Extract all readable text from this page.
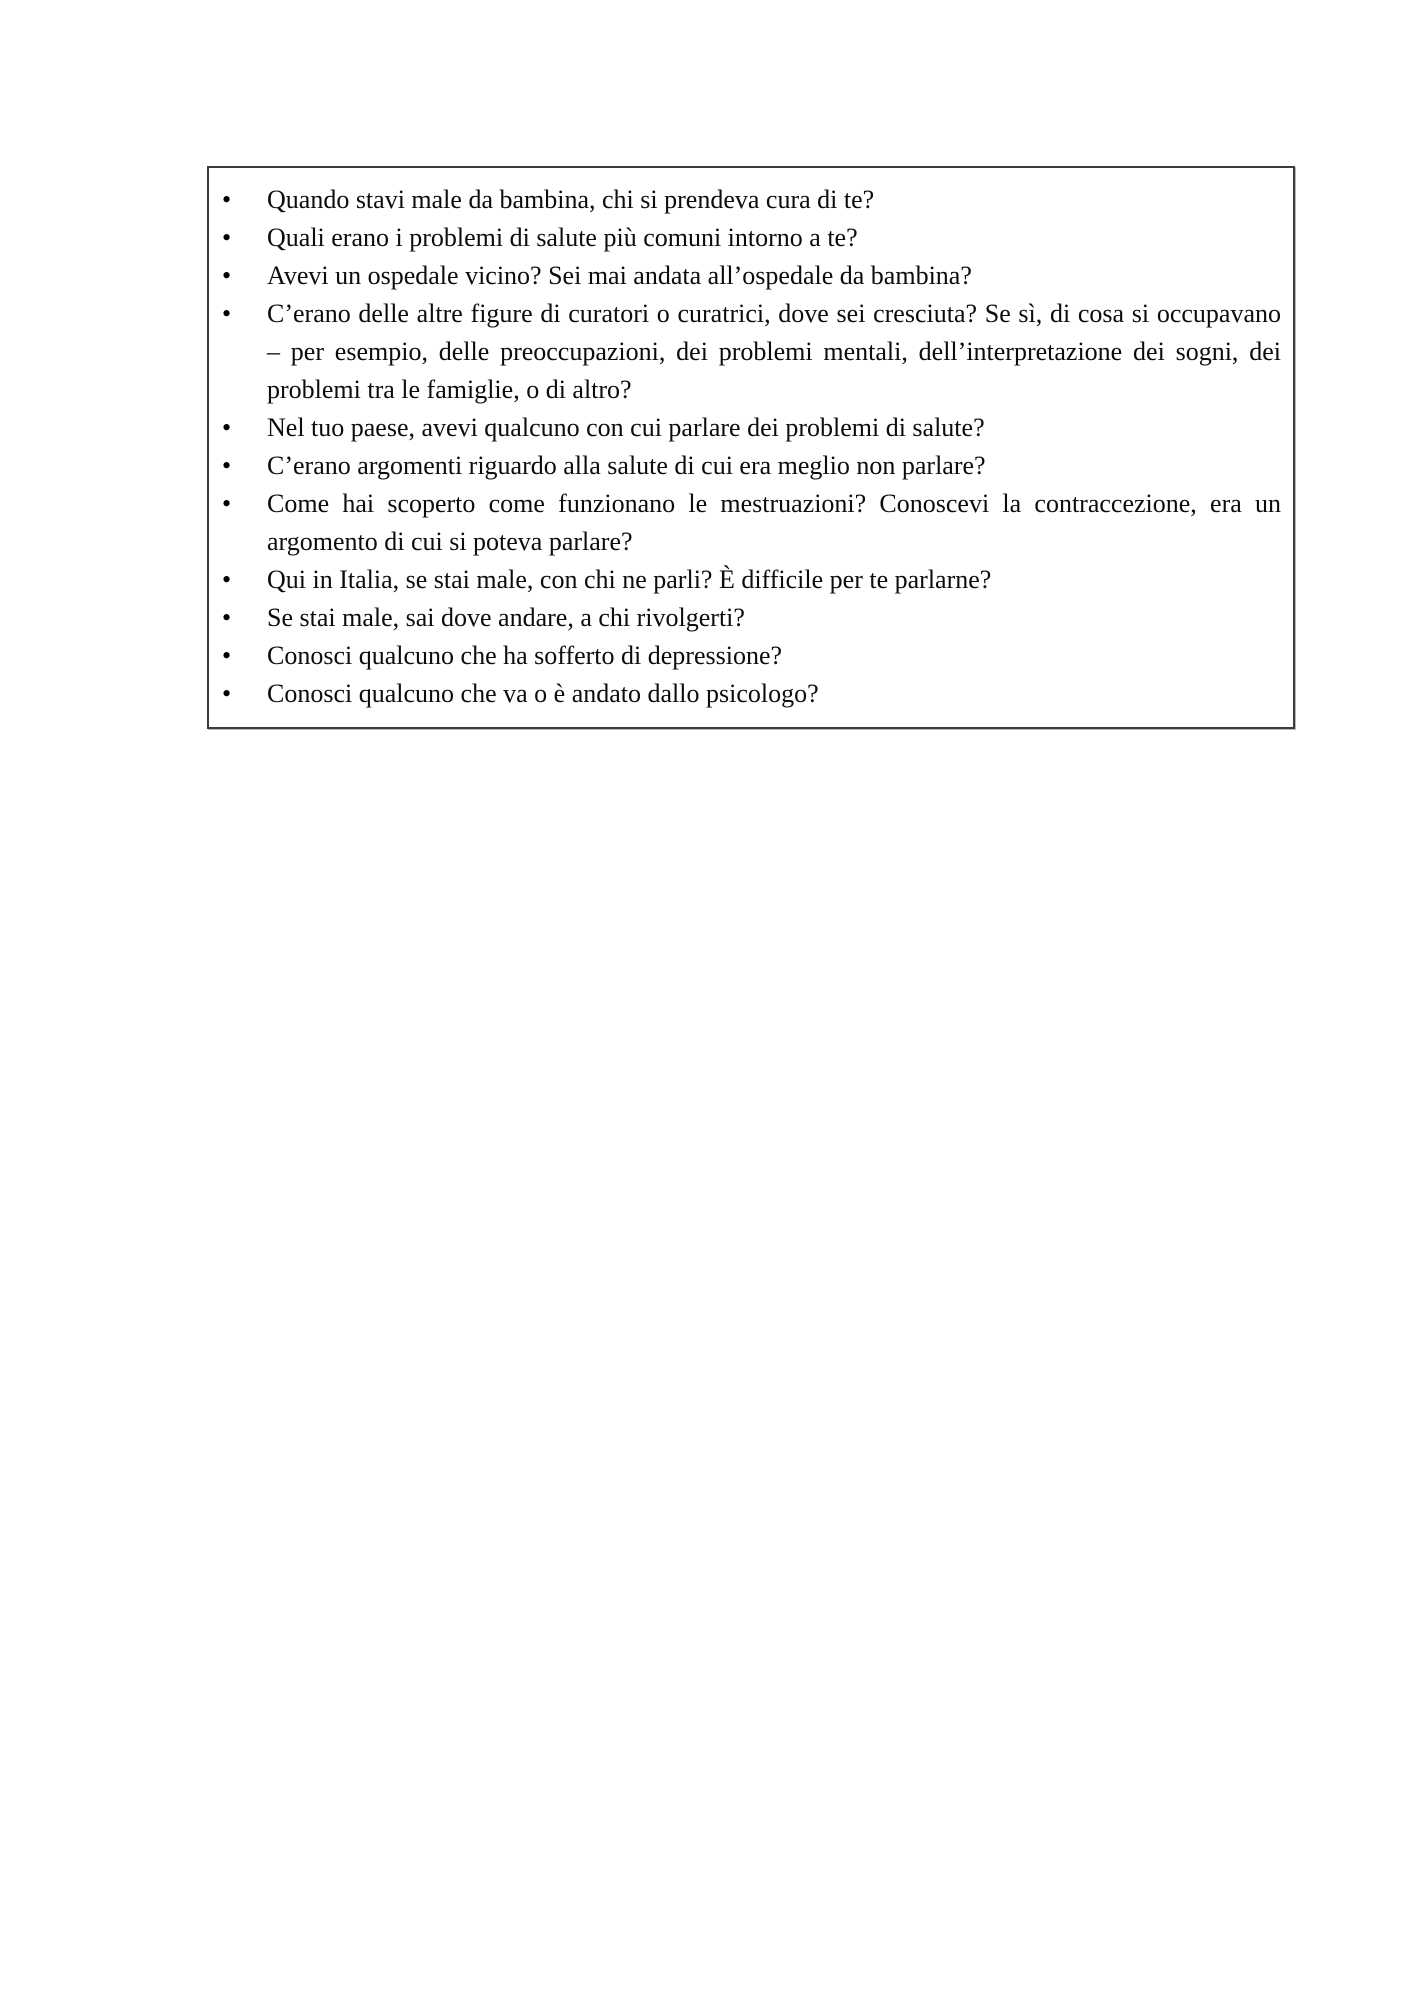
• Quando stavi male da bambina, chi si prendeva cura di te?
• Quali erano i problemi di salute più comuni intorno a te?
• Avevi un ospedale vicino? Sei mai andata all’ospedale da bambina?
• C’erano delle altre figure di curatori o curatrici, dove sei cresciuta? Se sì, di cosa si occupavano – per esempio, delle preoccupazioni, dei problemi mentali, dell’interpretazione dei sogni, dei problemi tra le famiglie, o di altro?
• Nel tuo paese, avevi qualcuno con cui parlare dei problemi di salute?
• C’erano argomenti riguardo alla salute di cui era meglio non parlare?
• Come hai scoperto come funzionano le mestruazioni? Conoscevi la contraccezione, era un argomento di cui si poteva parlare?
• Qui in Italia, se stai male, con chi ne parli? È difficile per te parlarne?
• Se stai male, sai dove andare, a chi rivolgerti?
• Conosci qualcuno che ha sofferto di depressione?
• Conosci qualcuno che va o è andato dallo psicologo?
